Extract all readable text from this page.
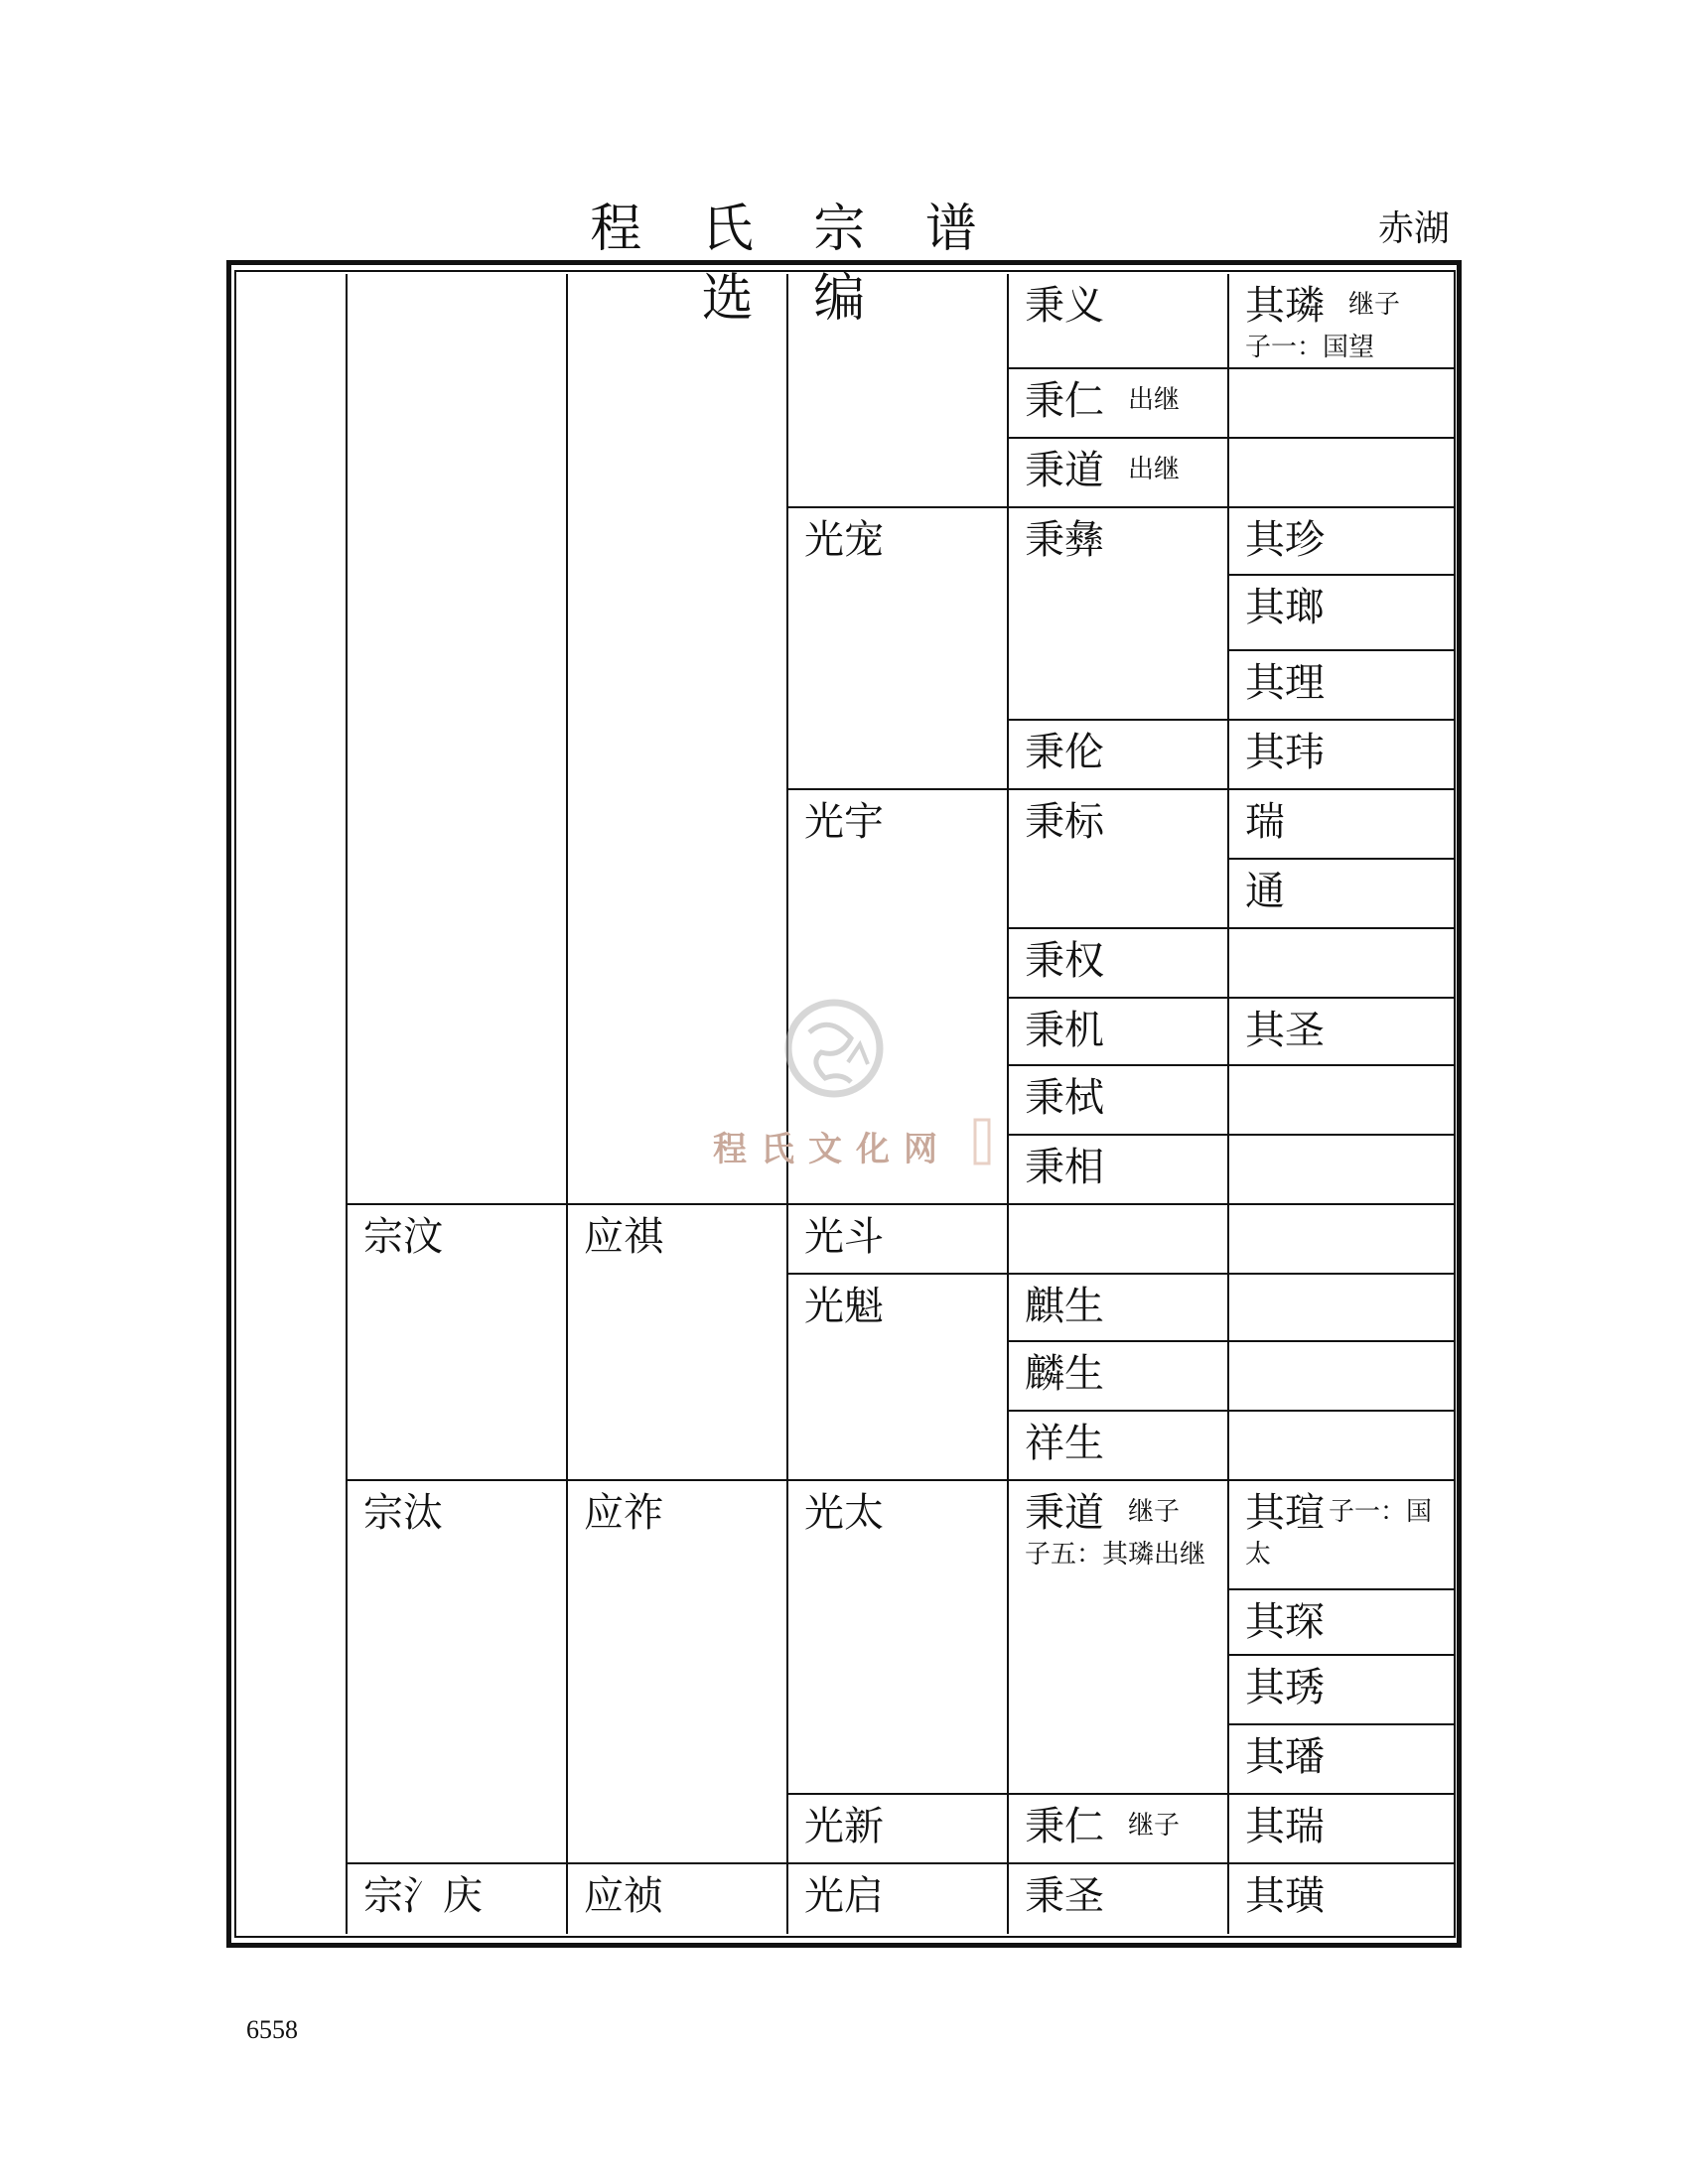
程 氏 宗 谱 选 编
赤湖
宗汶
宗汰
宗氵庆
应祺
应祚
应祯
光宠
光宇
光斗
光魁
光太
光新
光启
秉义
秉仁 $^{出继}$
秉道 $^{出继}$
秉彝
秉伦
秉标
秉权
秉机
秉栻
秉相
麒生
麟生
祥生
秉道 $^{继子}$
子五：其璘出继
秉仁 $^{继子}$
秉圣
其璘 $^{继子}$
子一：国望
其珍
其瑯
其理
其玮
瑞
通
其圣
其瑄 $^{子一:国}$
太
其琛
其琇
其璠
其瑞
其璜
程氏文化网
6558
